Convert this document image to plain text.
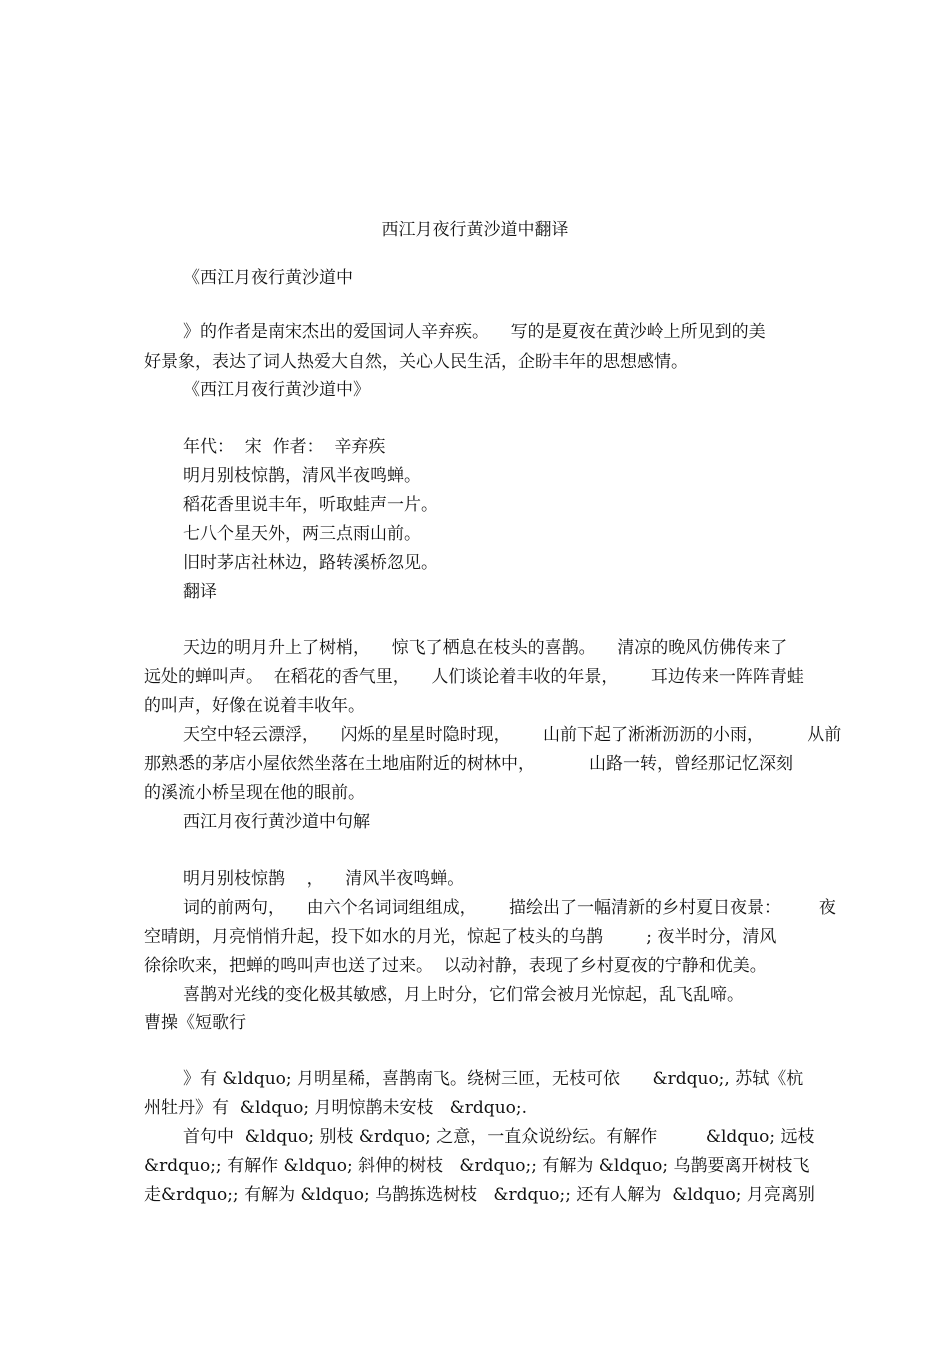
西江月夜行黄沙道中翻译
《西江月夜行黄沙道中
》的作者是南宋杰出的爱国词人辛弃疾。    写的是夏夜在黄沙岭上所见到的美
好景象，表达了词人热爱大自然，关心人民生活，企盼丰年的思想感情。
《西江月夜行黄沙道中》
年代：  宋  作者：  辛弃疾
明月别枝惊鹊，清风半夜鸣蝉。
稻花香里说丰年，听取蛙声一片。
七八个星天外，两三点雨山前。
旧时茅店社林边，路转溪桥忽见。
翻译
天边的明月升上了树梢，    惊飞了栖息在枝头的喜鹊。    清凉的晚风仿佛传来了
远处的蝉叫声。  在稻花的香气里，    人们谈论着丰收的年景，      耳边传来一阵阵青蛙
的叫声，好像在说着丰收年。
天空中轻云漂浮，    闪烁的星星时隐时现，      山前下起了淅淅沥沥的小雨，        从前
那熟悉的茅店小屋依然坐落在土地庙附近的树林中，          山路一转，曾经那记忆深刻
的溪流小桥呈现在他的眼前。
西江月夜行黄沙道中句解
明月别枝惊鹊    ，    清风半夜鸣蝉。
词的前两句，    由六个名词词组组成，      描绘出了一幅清新的乡村夏日夜景：       夜
空晴朗，月亮悄悄升起，投下如水的月光，惊起了枝头的乌鹊        ; 夜半时分，清风
徐徐吹来，把蝉的鸣叫声也送了过来。  以动衬静，表现了乡村夏夜的宁静和优美。
喜鹊对光线的变化极其敏感，月上时分，它们常会被月光惊起，乱飞乱啼。
曹操《短歌行
》有 &ldquo; 月明星稀，喜鹊南飞。绕树三匝，无枝可依      &rdquo;, 苏轼《杭
州牡丹》有  &ldquo; 月明惊鹊未安枝   &rdquo;.
首句中  &ldquo; 别枝 &rdquo; 之意，一直众说纷纭。有解作         &ldquo; 远枝
&rdquo;; 有解作 &ldquo; 斜伸的树枝   &rdquo;; 有解为 &ldquo; 乌鹊要离开树枝飞
走&rdquo;; 有解为 &ldquo; 乌鹊拣选树枝   &rdquo;; 还有人解为  &ldquo; 月亮离别
